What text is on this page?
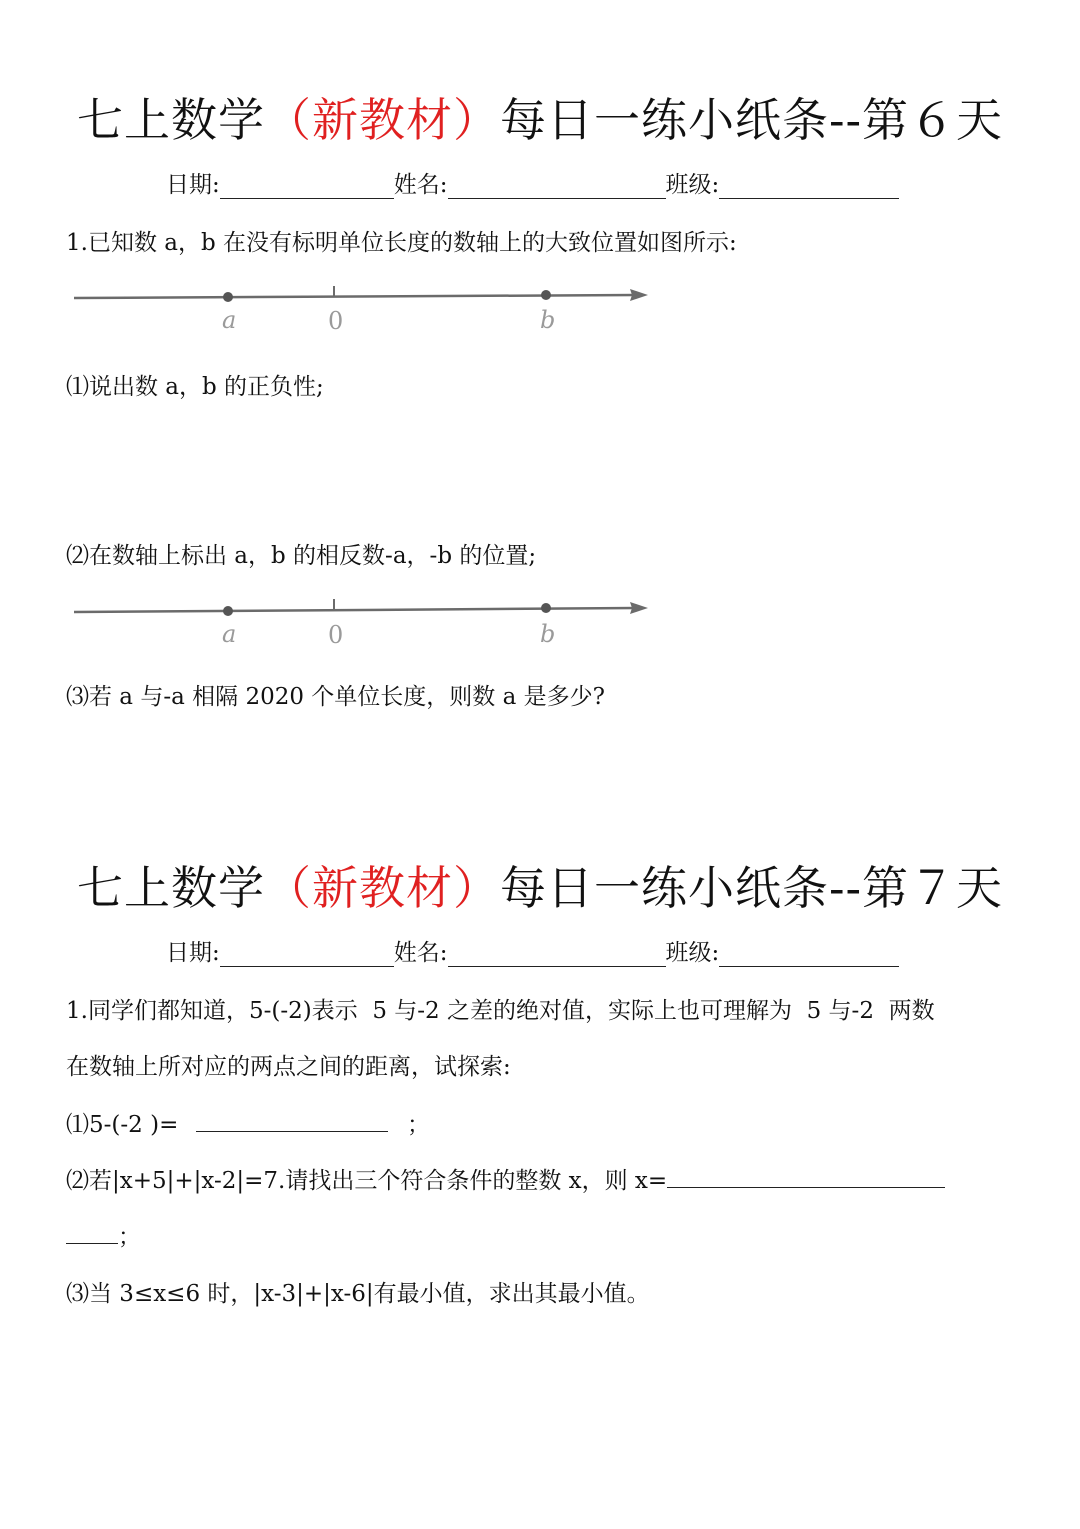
七上数学（新教材）每日一练小纸条--第６天
日期:	姓名:	班级:
1.已知数 a，b 在没有标明单位长度的数轴上的大致位置如图所示:
a	0	b
⑴说出数 a，b 的正负性;
⑵在数轴上标出 a，b 的相反数-a，-b 的位置;
a	0	b
⑶若 a 与-a 相隔 2020 个单位长度，则数 a 是多少?
七上数学（新教材）每日一练小纸条--第７天
日期:	姓名:	班级:
1.同学们都知道，5-(-2)表示  5 与-2 之差的绝对值，实际上也可理解为  5 与-2  两数
在数轴上所对应的两点之间的距离，试探索:
⑴5-(-2 )=	；
⑵若|x+5|+|x-2|=7.请找出三个符合条件的整数 x，则 x=
；
⑶当 3≤x≤6 时，|x-3|+|x-6|有最小值，求出其最小值。
